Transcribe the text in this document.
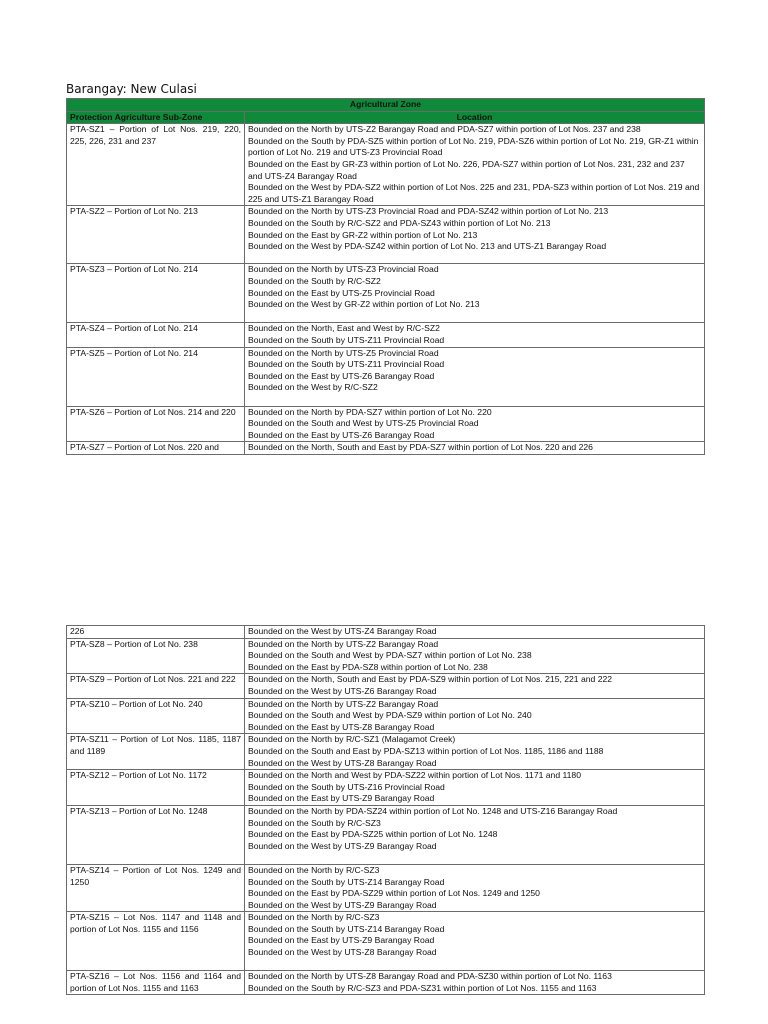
Barangay: New Culasi
Agricultural Zone	
Protection Agriculture Sub-Zone	Location
PTA-SZ1 – Portion of Lot Nos. 219, 220, 225, 226, 231 and 237	Bounded on the North by UTS-Z2 Barangay Road and PDA-SZ7 within portion of Lot Nos. 237 and 238
Bounded on the South by PDA-SZ5 within portion of Lot No. 219, PDA-SZ6 within portion of Lot No. 219, GR-Z1 within portion of Lot No. 219 and UTS-Z3 Provincial Road
Bounded on the East by GR-Z3 within portion of Lot No. 226, PDA-SZ7 within portion of Lot Nos. 231, 232 and 237 and UTS-Z4 Barangay Road
Bounded on the West by PDA-SZ2 within portion of Lot Nos. 225 and 231, PDA-SZ3 within portion of Lot Nos. 219 and 225 and UTS-Z1 Barangay Road

PTA-SZ2 – Portion of Lot No. 213	Bounded on the North by UTS-Z3 Provincial Road and PDA-SZ42 within portion of Lot No. 213
Bounded on the South by R/C-SZ2 and PDA-SZ43 within portion of Lot No. 213
Bounded on the East by GR-Z2 within portion of Lot No. 213
Bounded on the West by PDA-SZ42 within portion of Lot No. 213 and UTS-Z1 Barangay Road

PTA-SZ3 – Portion of Lot No. 214	Bounded on the North by UTS-Z3 Provincial Road
Bounded on the South by R/C-SZ2
Bounded on the East by UTS-Z5 Provincial Road
Bounded on the West by GR-Z2 within portion of Lot No. 213

PTA-SZ4 – Portion of Lot No. 214	Bounded on the North, East and West by R/C-SZ2
Bounded on the South by UTS-Z11 Provincial Road

PTA-SZ5 – Portion of Lot No. 214	Bounded on the North by UTS-Z5 Provincial Road
Bounded on the South by UTS-Z11 Provincial Road
Bounded on the East by UTS-Z6 Barangay Road
Bounded on the West by R/C-SZ2

PTA-SZ6 – Portion of Lot Nos. 214 and 220	Bounded on the North by PDA-SZ7 within portion of Lot No. 220
Bounded on the South and West by UTS-Z5 Provincial Road
Bounded on the East by UTS-Z6 Barangay Road

PTA-SZ7 – Portion of Lot Nos. 220 and	Bounded on the North, South and East by PDA-SZ7 within portion of Lot Nos. 220 and 226
226	Bounded on the West by UTS-Z4 Barangay Road

PTA-SZ8 – Portion of Lot No. 238	Bounded on the North by UTS-Z2 Barangay Road
Bounded on the South and West by PDA-SZ7 within portion of Lot No. 238
Bounded on the East by PDA-SZ8 within portion of Lot No. 238

PTA-SZ9 – Portion of Lot Nos. 221 and 222	Bounded on the North, South and East by PDA-SZ9 within portion of Lot Nos. 215, 221 and 222
Bounded on the West by UTS-Z6 Barangay Road

PTA-SZ10 – Portion of Lot No. 240	Bounded on the North by UTS-Z2 Barangay Road
Bounded on the South and West by PDA-SZ9 within portion of Lot No. 240
Bounded on the East by UTS-Z8 Barangay Road

PTA-SZ11 – Portion of Lot Nos. 1185, 1187 and 1189	Bounded on the North by R/C-SZ1 (Malagamot Creek)
Bounded on the South and East by PDA-SZ13 within portion of Lot Nos. 1185, 1186 and 1188
Bounded on the West by UTS-Z8 Barangay Road

PTA-SZ12 – Portion of Lot No. 1172	Bounded on the North and West by PDA-SZ22 within portion of Lot Nos. 1171 and 1180
Bounded on the South by UTS-Z16 Provincial Road
Bounded on the East by UTS-Z9 Barangay Road

PTA-SZ13 – Portion of Lot No. 1248	Bounded on the North by PDA-SZ24 within portion of Lot No. 1248 and UTS-Z16 Barangay Road
Bounded on the South by R/C-SZ3
Bounded on the East by PDA-SZ25 within portion of Lot No. 1248
Bounded on the West by UTS-Z9 Barangay Road

PTA-SZ14 – Portion of Lot Nos. 1249 and 1250	Bounded on the North by R/C-SZ3
Bounded on the South by UTS-Z14 Barangay Road
Bounded on the East by PDA-SZ29 within portion of Lot Nos. 1249 and 1250
Bounded on the West by UTS-Z9 Barangay Road

PTA-SZ15 – Lot Nos. 1147 and 1148 and portion of Lot Nos. 1155 and 1156	Bounded on the North by R/C-SZ3
Bounded on the South by UTS-Z14 Barangay Road
Bounded on the East by UTS-Z9 Barangay Road
Bounded on the West by UTS-Z8 Barangay Road

PTA-SZ16 – Lot Nos. 1156 and 1164 and portion of Lot Nos. 1155 and 1163	Bounded on the North by UTS-Z8 Barangay Road and PDA-SZ30 within portion of Lot No. 1163
Bounded on the South by R/C-SZ3 and PDA-SZ31 within portion of Lot Nos. 1155 and 1163
